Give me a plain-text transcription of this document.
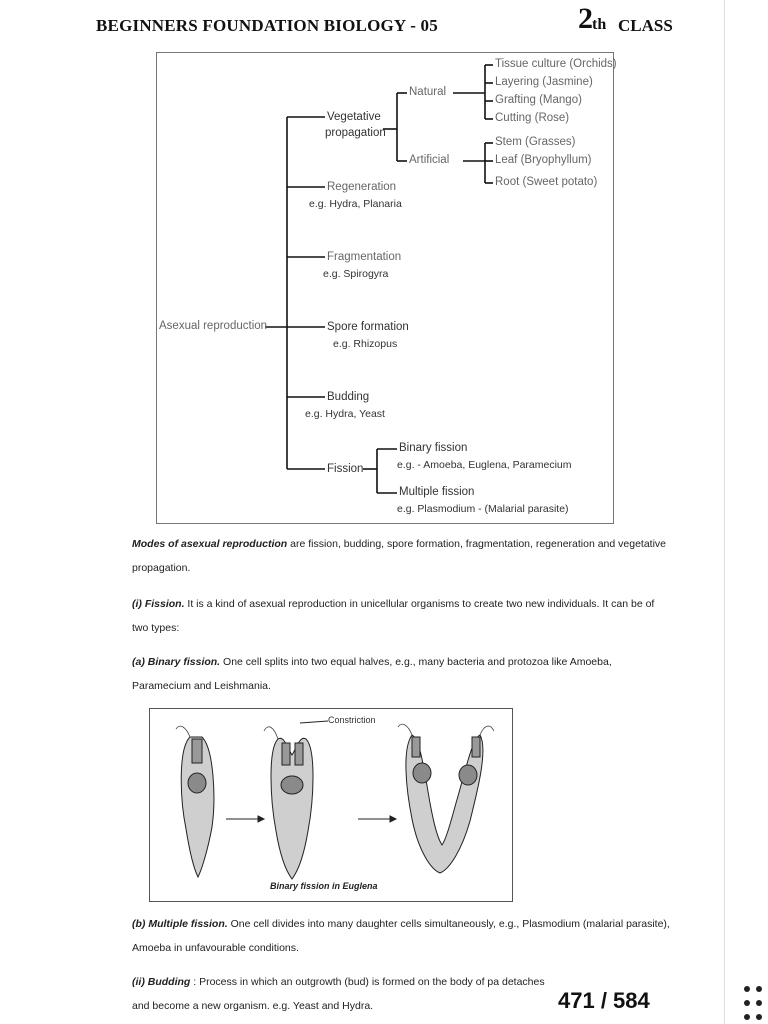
BEGINNERS FOUNDATION BIOLOGY - 05	2 th CLASS
Asexual reproduction
Vegetative
propagation
Natural
Artificial
Tissue culture (Orchids)
Layering (Jasmine)
Grafting (Mango)
Cutting (Rose)
Stem (Grasses)
Leaf (Bryophyllum)
Root (Sweet potato)
Regeneration
e.g. Hydra, Planaria
Fragmentation
e.g. Spirogyra
Spore formation
e.g. Rhizopus
Budding
e.g. Hydra, Yeast
Fission
Binary fission
e.g. - Amoeba, Euglena, Paramecium
Multiple fission
e.g. Plasmodium - (Malarial parasite)
Modes of asexual reproduction are fission, budding, spore formation, fragmentation, regeneration and vegetative propagation.
(i) Fission. It is a kind of asexual reproduction in unicellular organisms to create two new individuals. It can be of two types:
(a) Binary fission. One cell splits into two equal halves, e.g., many bacteria and protozoa like Amoeba, Paramecium and Leishmania.
Constriction
Binary fission in Euglena
(b) Multiple fission. One cell divides into many daughter cells simultaneously, e.g., Plasmodium (malarial parasite), Amoeba in unfavourable conditions.
(ii) Budding : Process in which an outgrowth (bud) is formed on the body of pa detaches and become a new organism. e.g. Yeast and Hydra.	471 / 584
